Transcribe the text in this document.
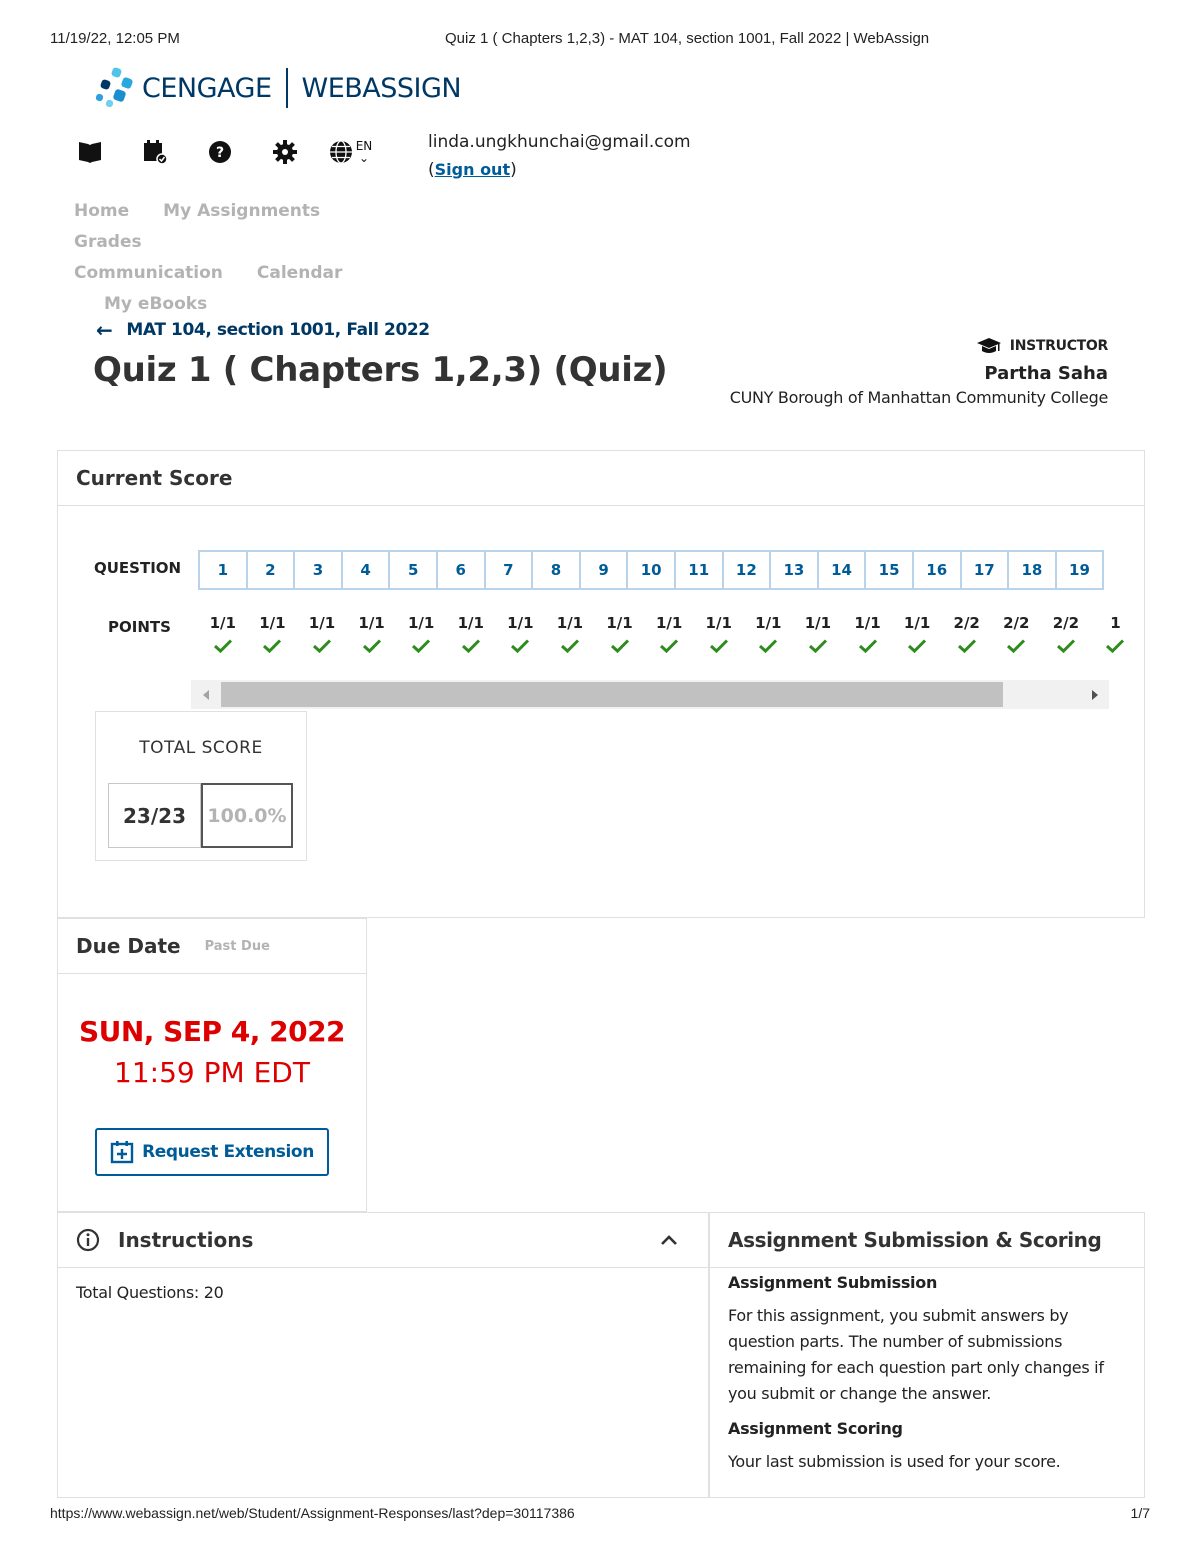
11/19/22, 12:05 PM	Quiz 1 ( Chapters 1,2,3) - MAT 104, section 1001, Fall 2022 | WebAssign
CENGAGE WEBASSIGN
?	EN
⌄
linda.ungkhunchai@gmail.com
(Sign out)
Home My AssignmentsGrades
Communication Calendar
My eBooks
← MAT 104, section 1001, Fall 2022
Quiz 1 ( Chapters 1,2,3) (Quiz)
INSTRUCTOR
Partha Saha
CUNY Borough of Manhattan Community College
Current Score
QUESTION
POINTS
1	2	3	4	5	6	7	8	9	10	11	12	13	14	15	16	17	18	19
1/1	1/1	1/1	1/1	1/1	1/1	1/1	1/1	1/1	1/1	1/1	1/1	1/1	1/1	1/1	2/2	2/2	2/2	1
TOTAL SCORE
23/23	100.0%
Due Date Past Due
SUN, SEP 4, 2022
11:59 PM EDT
Request Extension
Instructions
Total Questions: 20
Assignment Submission & Scoring
Assignment Submission
For this assignment, you submit answers by question parts. The number of submissions remaining for each question part only changes if you submit or change the answer.
Assignment Scoring
Your last submission is used for your score.
https://www.webassign.net/web/Student/Assignment-Responses/last?dep=30117386	1/7
